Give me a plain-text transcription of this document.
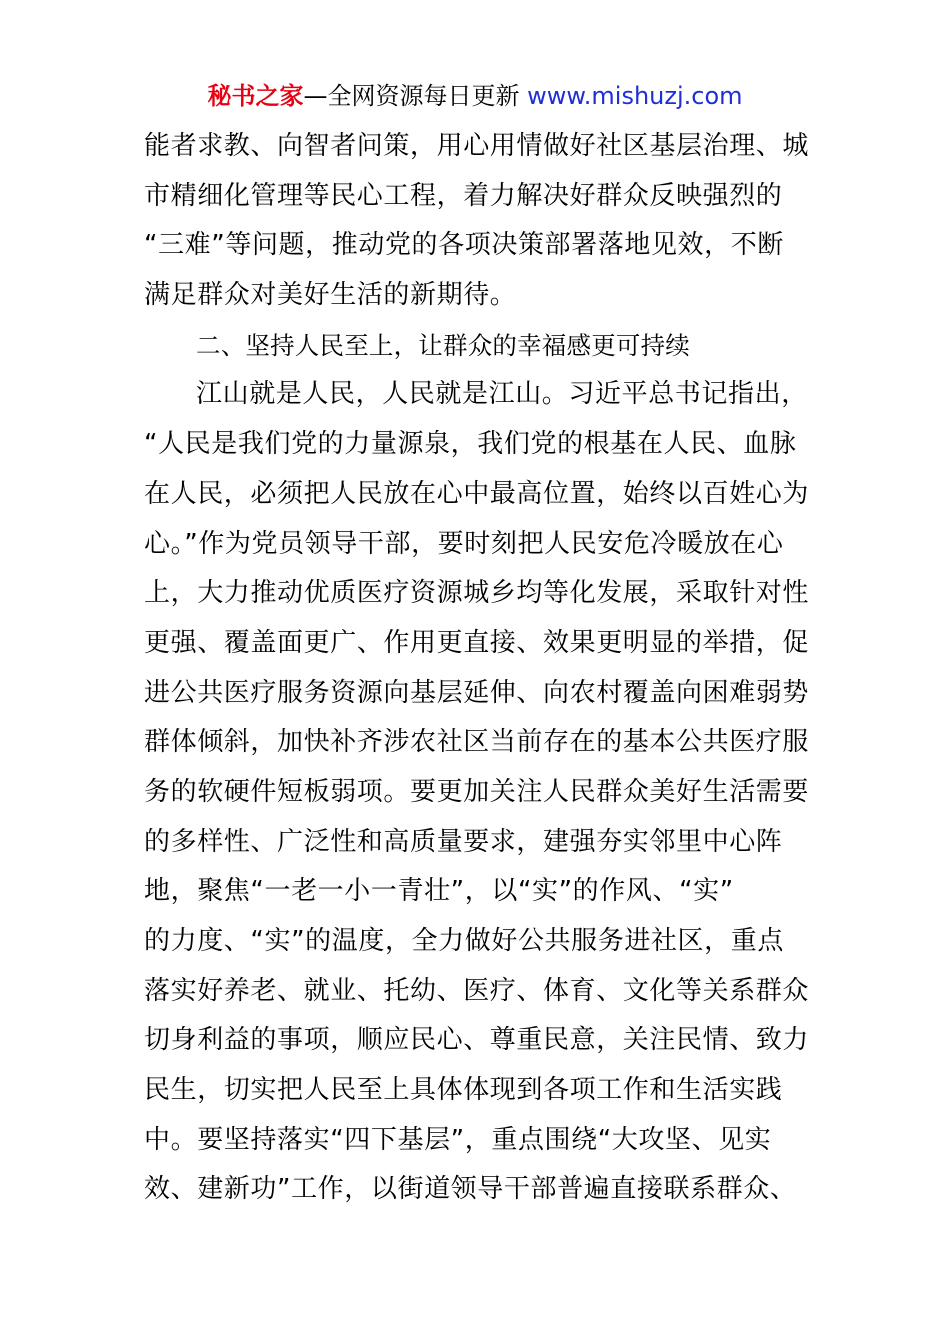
秘书之家—全网资源每日更新 www.mishuzj.com
能者求教、向智者问策，用心用情做好社区基层治理、城
市精细化管理等民心工程，着力解决好群众反映强烈的
“三难”等问题，推动党的各项决策部署落地见效，不断
满足群众对美好生活的新期待。
二、坚持人民至上，让群众的幸福感更可持续
江山就是人民，人民就是江山。习近平总书记指出，
“人民是我们党的力量源泉，我们党的根基在人民、血脉
在人民，必须把人民放在心中最高位置，始终以百姓心为
心。”作为党员领导干部，要时刻把人民安危冷暖放在心
上，大力推动优质医疗资源城乡均等化发展，采取针对性
更强、覆盖面更广、作用更直接、效果更明显的举措，促
进公共医疗服务资源向基层延伸、向农村覆盖向困难弱势
群体倾斜，加快补齐涉农社区当前存在的基本公共医疗服
务的软硬件短板弱项。要更加关注人民群众美好生活需要
的多样性、广泛性和高质量要求，建强夯实邻里中心阵
地，聚焦“一老一小一青壮”，以“实”的作风、“实”
的力度、“实”的温度，全力做好公共服务进社区，重点
落实好养老、就业、托幼、医疗、体育、文化等关系群众
切身利益的事项，顺应民心、尊重民意，关注民情、致力
民生，切实把人民至上具体体现到各项工作和生活实践
中。要坚持落实“四下基层”，重点围绕“大攻坚、见实
效、建新功”工作，以街道领导干部普遍直接联系群众、
